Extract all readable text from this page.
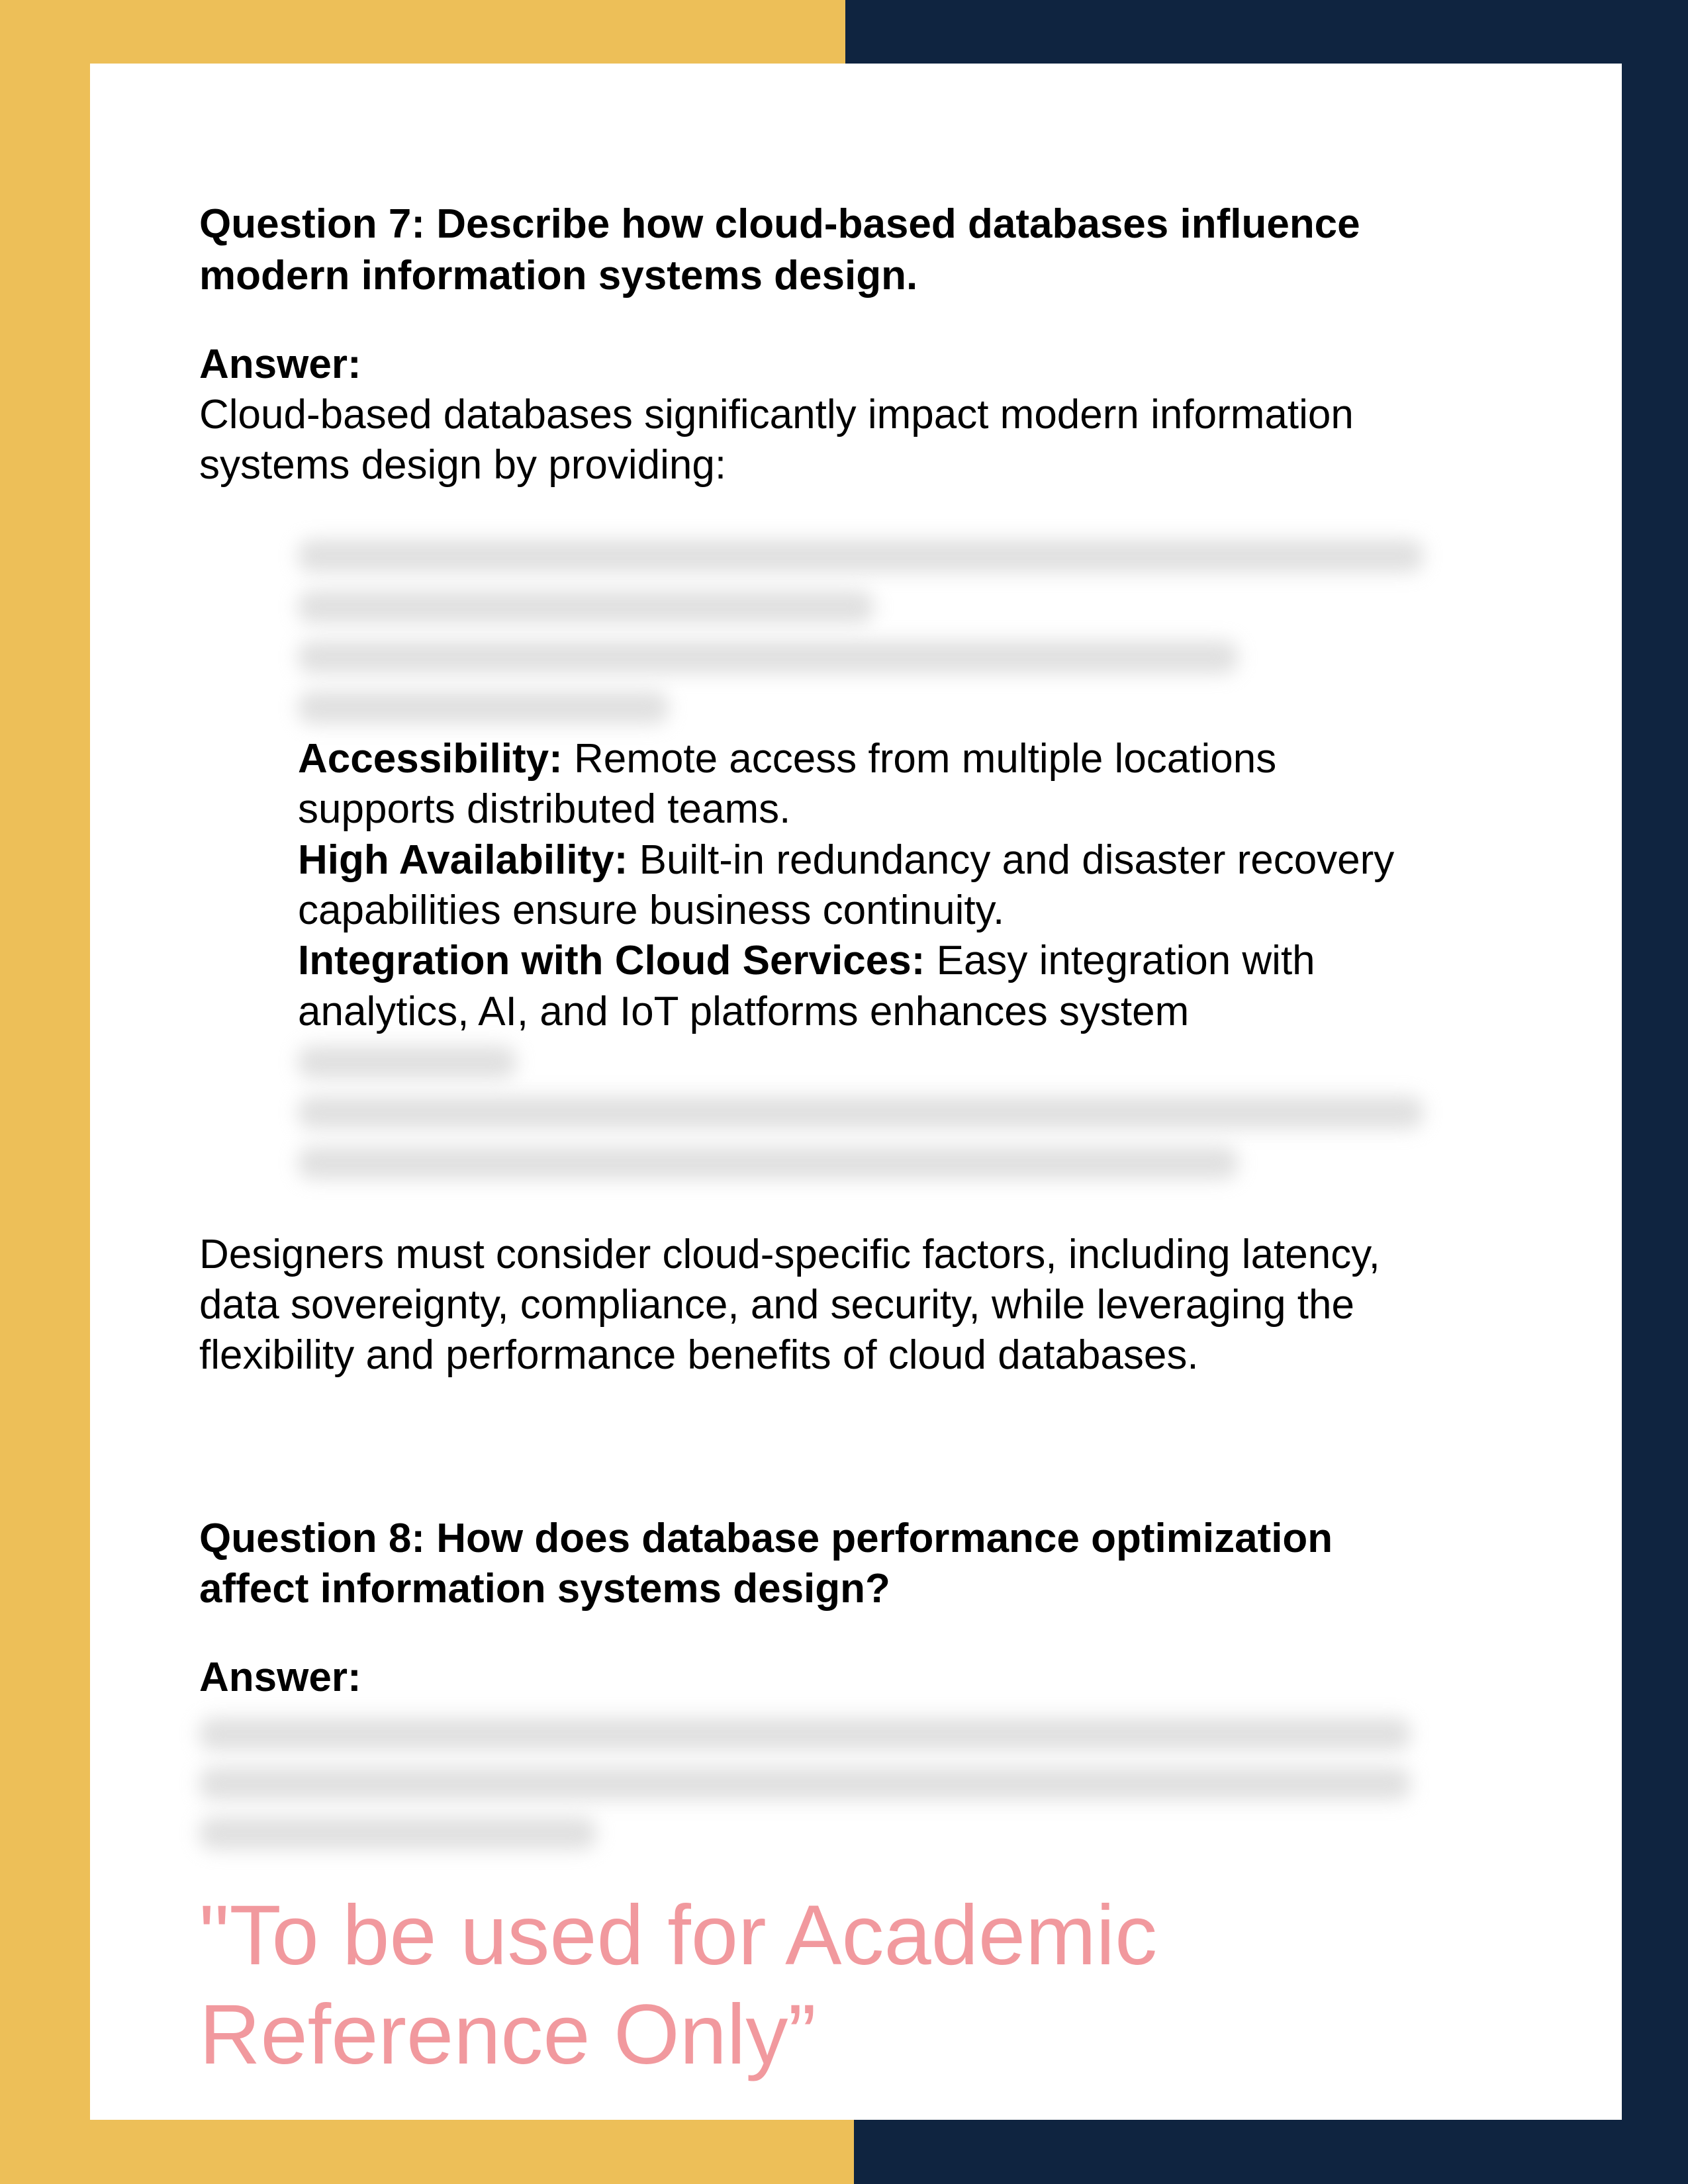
Question 7: Describe how cloud-based databases influence
modern information systems design.
Answer:
Cloud-based databases significantly impact modern information
systems design by providing:
Accessibility: Remote access from multiple locations
supports distributed teams.
High Availability: Built-in redundancy and disaster recovery
capabilities ensure business continuity.
Integration with Cloud Services: Easy integration with
analytics, AI, and IoT platforms enhances system
Designers must consider cloud-specific factors, including latency,
data sovereignty, compliance, and security, while leveraging the
flexibility and performance benefits of cloud databases.
Question 8: How does database performance optimization
affect information systems design?
Answer:
"To be used for Academic Reference Only”
